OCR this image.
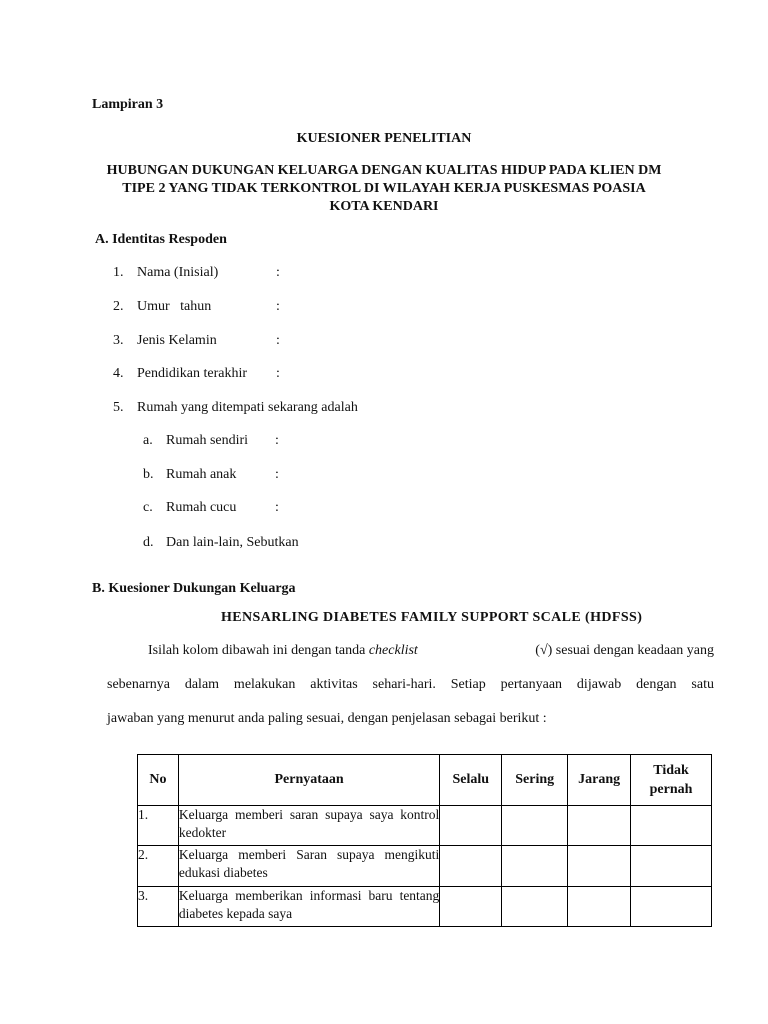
Lampiran 3
KUESIONER PENELITIAN
HUBUNGAN DUKUNGAN KELUARGA DENGAN KUALITAS HIDUP PADA KLIEN DM
TIPE 2 YANG TIDAK TERKONTROL DI WILAYAH KERJA PUSKESMAS POASIA
KOTA KENDARI
A. Identitas Respoden
1. Nama (Inisial)	:
2. Umur   tahun	:
3. Jenis Kelamin	:
4. Pendidikan terakhir :
5. Rumah yang ditempati sekarang adalah
a. Rumah sendiri :
b. Rumah anak	:
c. Rumah cucu	:
d. Dan lain-lain, Sebutkan
B. Kuesioner Dukungan Keluarga
HENSARLING DIABETES FAMILY SUPPORT SCALE (HDFSS)
Isilah kolom dibawah ini dengan tanda checklist	(√) sesuai dengan keadaan yang
sebenarnya dalam melakukan aktivitas sehari-hari. Setiap pertanyaan dijawab dengan satu
jawaban yang menurut anda paling sesuai, dengan penjelasan sebagai berikut :
No	Pernyataan	Selalu	Sering	Jarang	Tidak
pernah

1.	Keluarga memberi saran supaya saya kontrol kedokter				
2.	Keluarga memberi Saran supaya mengikuti edukasi diabetes				
3.	Keluarga memberikan informasi baru tentang diabetes kepada saya				
